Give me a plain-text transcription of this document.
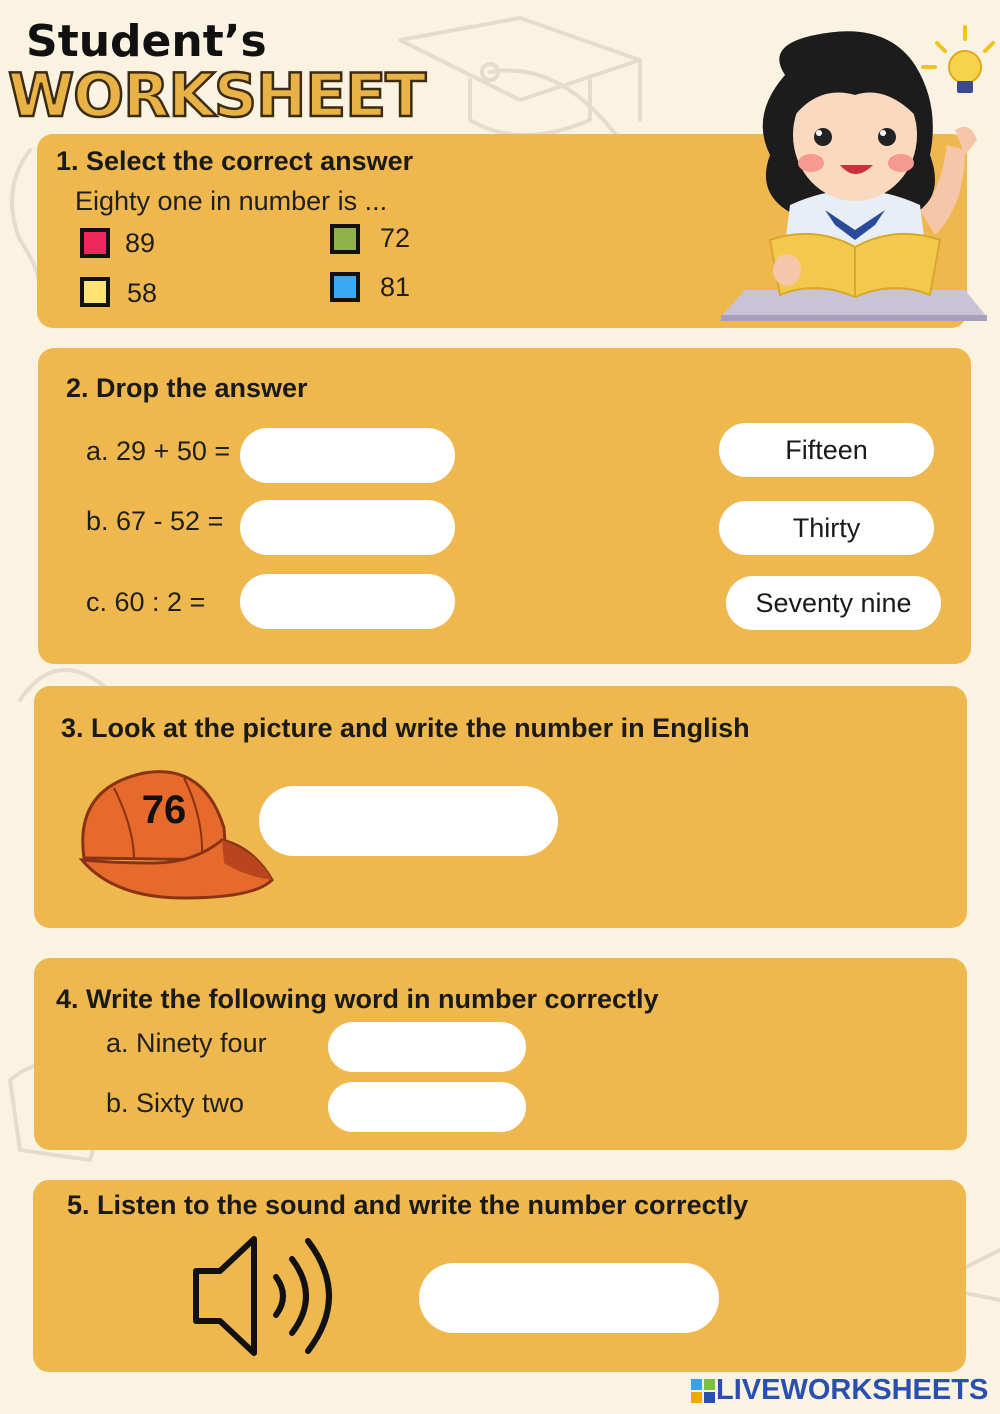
Student’s
WORKSHEET
1. Select the correct answer
Eighty one in number is ...
89	72
58	81
2. Drop the answer
a. 29 + 50 =
b. 67 - 52 =
c. 60 : 2 =
Fifteen
Thirty
Seventy nine
3. Look at the picture and write the number in English
76
4. Write the following word in number correctly
a. Ninety four
b. Sixty two
5. Listen to the sound and write the number correctly
LIVEWORKSHEETS
